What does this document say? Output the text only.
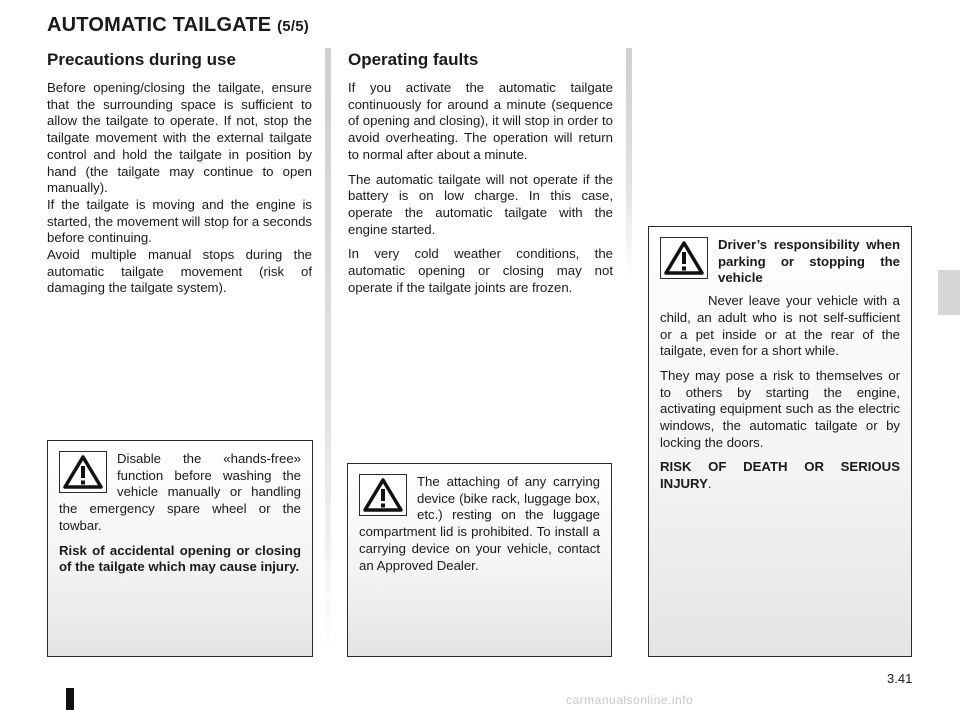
AUTOMATIC TAILGATE (5/5)
Precautions during use

Before opening/closing the tailgate, ensure that the surrounding space is sufficient to allow the tailgate to operate. If not, stop the tailgate movement with the external tailgate control and hold the tailgate in position by hand (the tailgate may continue to open manually).

If the tailgate is moving and the engine is started, the movement will stop for a seconds before continuing.

Avoid multiple manual stops during the automatic tailgate movement (risk of damaging the tailgate system).

Disable the «hands-free» function before washing the vehicle manually or handling the emergency spare wheel or the towbar.

Risk of accidental opening or closing of the tailgate which may cause injury.

Operating faults

If you activate the automatic tailgate continuously for around a minute (sequence of opening and closing), it will stop in order to avoid overheating. The operation will return to normal after about a minute.

The automatic tailgate will not operate if the battery is on low charge. In this case, operate the automatic tailgate with the engine started.

In very cold weather conditions, the automatic opening or closing may not operate if the tailgate joints are frozen.

The attaching of any carrying device (bike rack, luggage box, etc.) resting on the luggage compartment lid is prohibited. To install a carrying device on your vehicle, contact an Approved Dealer.

Driver’s responsibility when parking or stopping the vehicle

Never leave your vehicle with a child, an adult who is not self-sufficient or a pet inside or at the rear of the tailgate, even for a short while.

They may pose a risk to themselves or to others by starting the engine, activating equipment such as the electric windows, the automatic tailgate or by locking the doors.

RISK OF DEATH OR SERIOUS INJURY.

3.41
carmanualsonline.info
